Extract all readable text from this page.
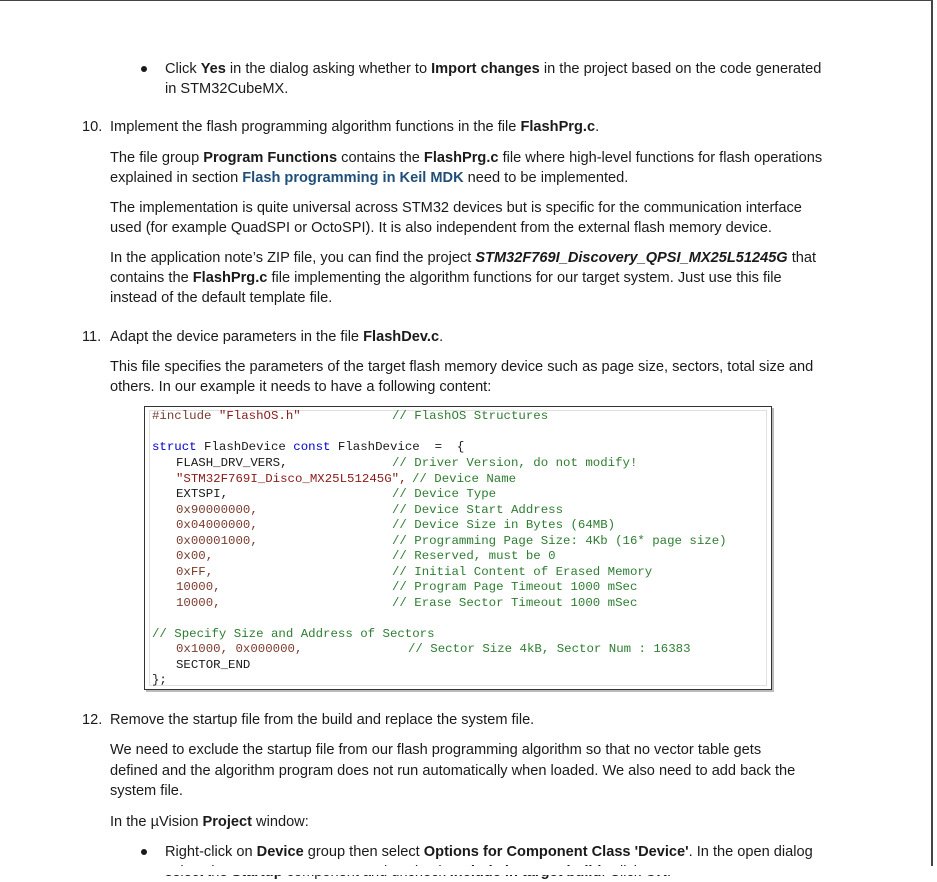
Click Yes in the dialog asking whether to Import changes in the project based on the code generated
in STM32CubeMX.
10. Implement the flash programming algorithm functions in the file FlashPrg.c.
The file group Program Functions contains the FlashPrg.c file where high-level functions for flash operations
explained in section Flash programming in Keil MDK need to be implemented.
The implementation is quite universal across STM32 devices but is specific for the communication interface
used (for example QuadSPI or OctoSPI). It is also independent from the external flash memory device.
In the application note’s ZIP file, you can find the project STM32F769I_Discovery_QPSI_MX25L51245G that
contains the FlashPrg.c file implementing the algorithm functions for our target system. Just use this file
instead of the default template file.
11. Adapt the device parameters in the file FlashDev.c.
This file specifies the parameters of the target flash memory device such as page size, sectors, total size and
others. In our example it needs to have a following content:
#include "FlashOS.h"	// FlashOS Structures
struct FlashDevice const FlashDevice  =  {
FLASH_DRV_VERS,	// Driver Version, do not modify!
"STM32F769I_Disco_MX25L51245G", // Device Name
EXTSPI,	// Device Type
0x90000000,	// Device Start Address
0x04000000,	// Device Size in Bytes (64MB)
0x00001000,	// Programming Page Size: 4Kb (16* page size)
0x00,	// Reserved, must be 0
0xFF,	// Initial Content of Erased Memory
10000,	// Program Page Timeout 1000 mSec
10000,	// Erase Sector Timeout 1000 mSec
// Specify Size and Address of Sectors
0x1000, 0x000000,	// Sector Size 4kB, Sector Num : 16383
SECTOR_END
};
12. Remove the startup file from the build and replace the system file.
We need to exclude the startup file from our flash programming algorithm so that no vector table gets
defined and the algorithm program does not run automatically when loaded. We also need to add back the
system file.
In the µVision Project window:
Right-click on Device group then select Options for Component Class 'Device'. In the open dialog
